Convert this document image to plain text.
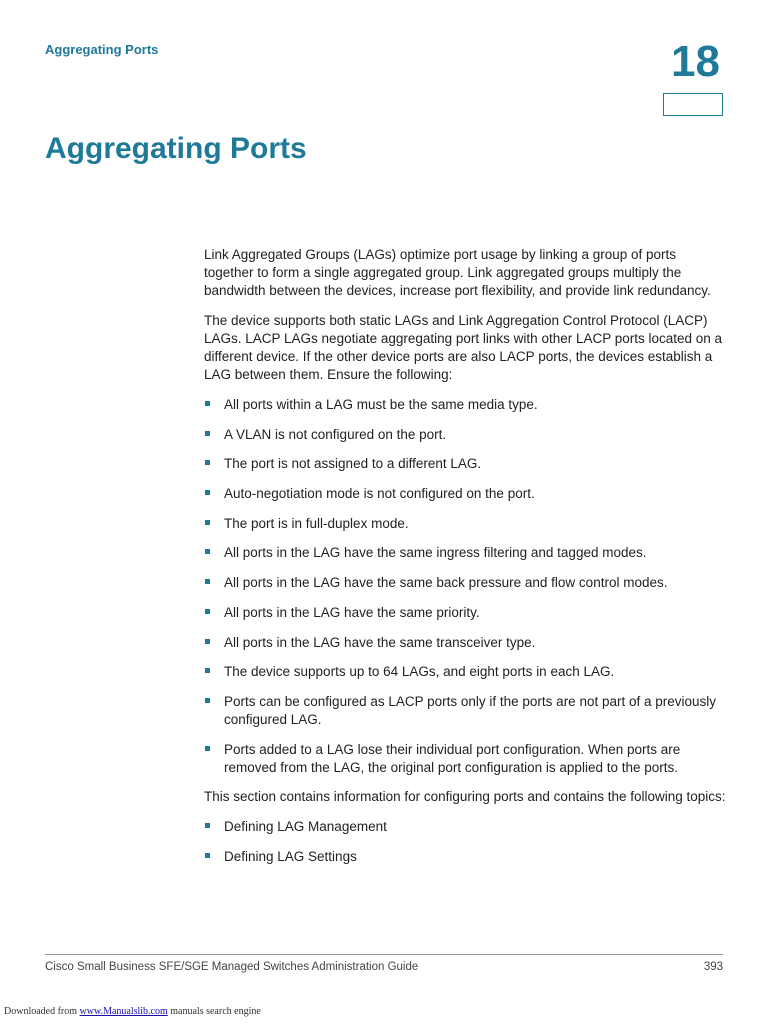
Aggregating Ports	18
Aggregating Ports

Link Aggregated Groups (LAGs) optimize port usage by linking a group of ports together to form a single aggregated group. Link aggregated groups multiply the bandwidth between the devices, increase port flexibility, and provide link redundancy.

The device supports both static LAGs and Link Aggregation Control Protocol (LACP) LAGs. LACP LAGs negotiate aggregating port links with other LACP ports located on a different device. If the other device ports are also LACP ports, the devices establish a LAG between them. Ensure the following:

All ports within a LAG must be the same media type.
A VLAN is not configured on the port.
The port is not assigned to a different LAG.
Auto-negotiation mode is not configured on the port.
The port is in full-duplex mode.
All ports in the LAG have the same ingress filtering and tagged modes.
All ports in the LAG have the same back pressure and flow control modes.
All ports in the LAG have the same priority.
All ports in the LAG have the same transceiver type.
The device supports up to 64 LAGs, and eight ports in each LAG.
Ports can be configured as LACP ports only if the ports are not part of a previously configured LAG.
Ports added to a LAG lose their individual port configuration. When ports are removed from the LAG, the original port configuration is applied to the ports.

This section contains information for configuring ports and contains the following topics:

Defining LAG Management
Defining LAG Settings
Cisco Small Business SFE/SGE Managed Switches Administration Guide	393
Downloaded from www.Manualslib.com manuals search engine
